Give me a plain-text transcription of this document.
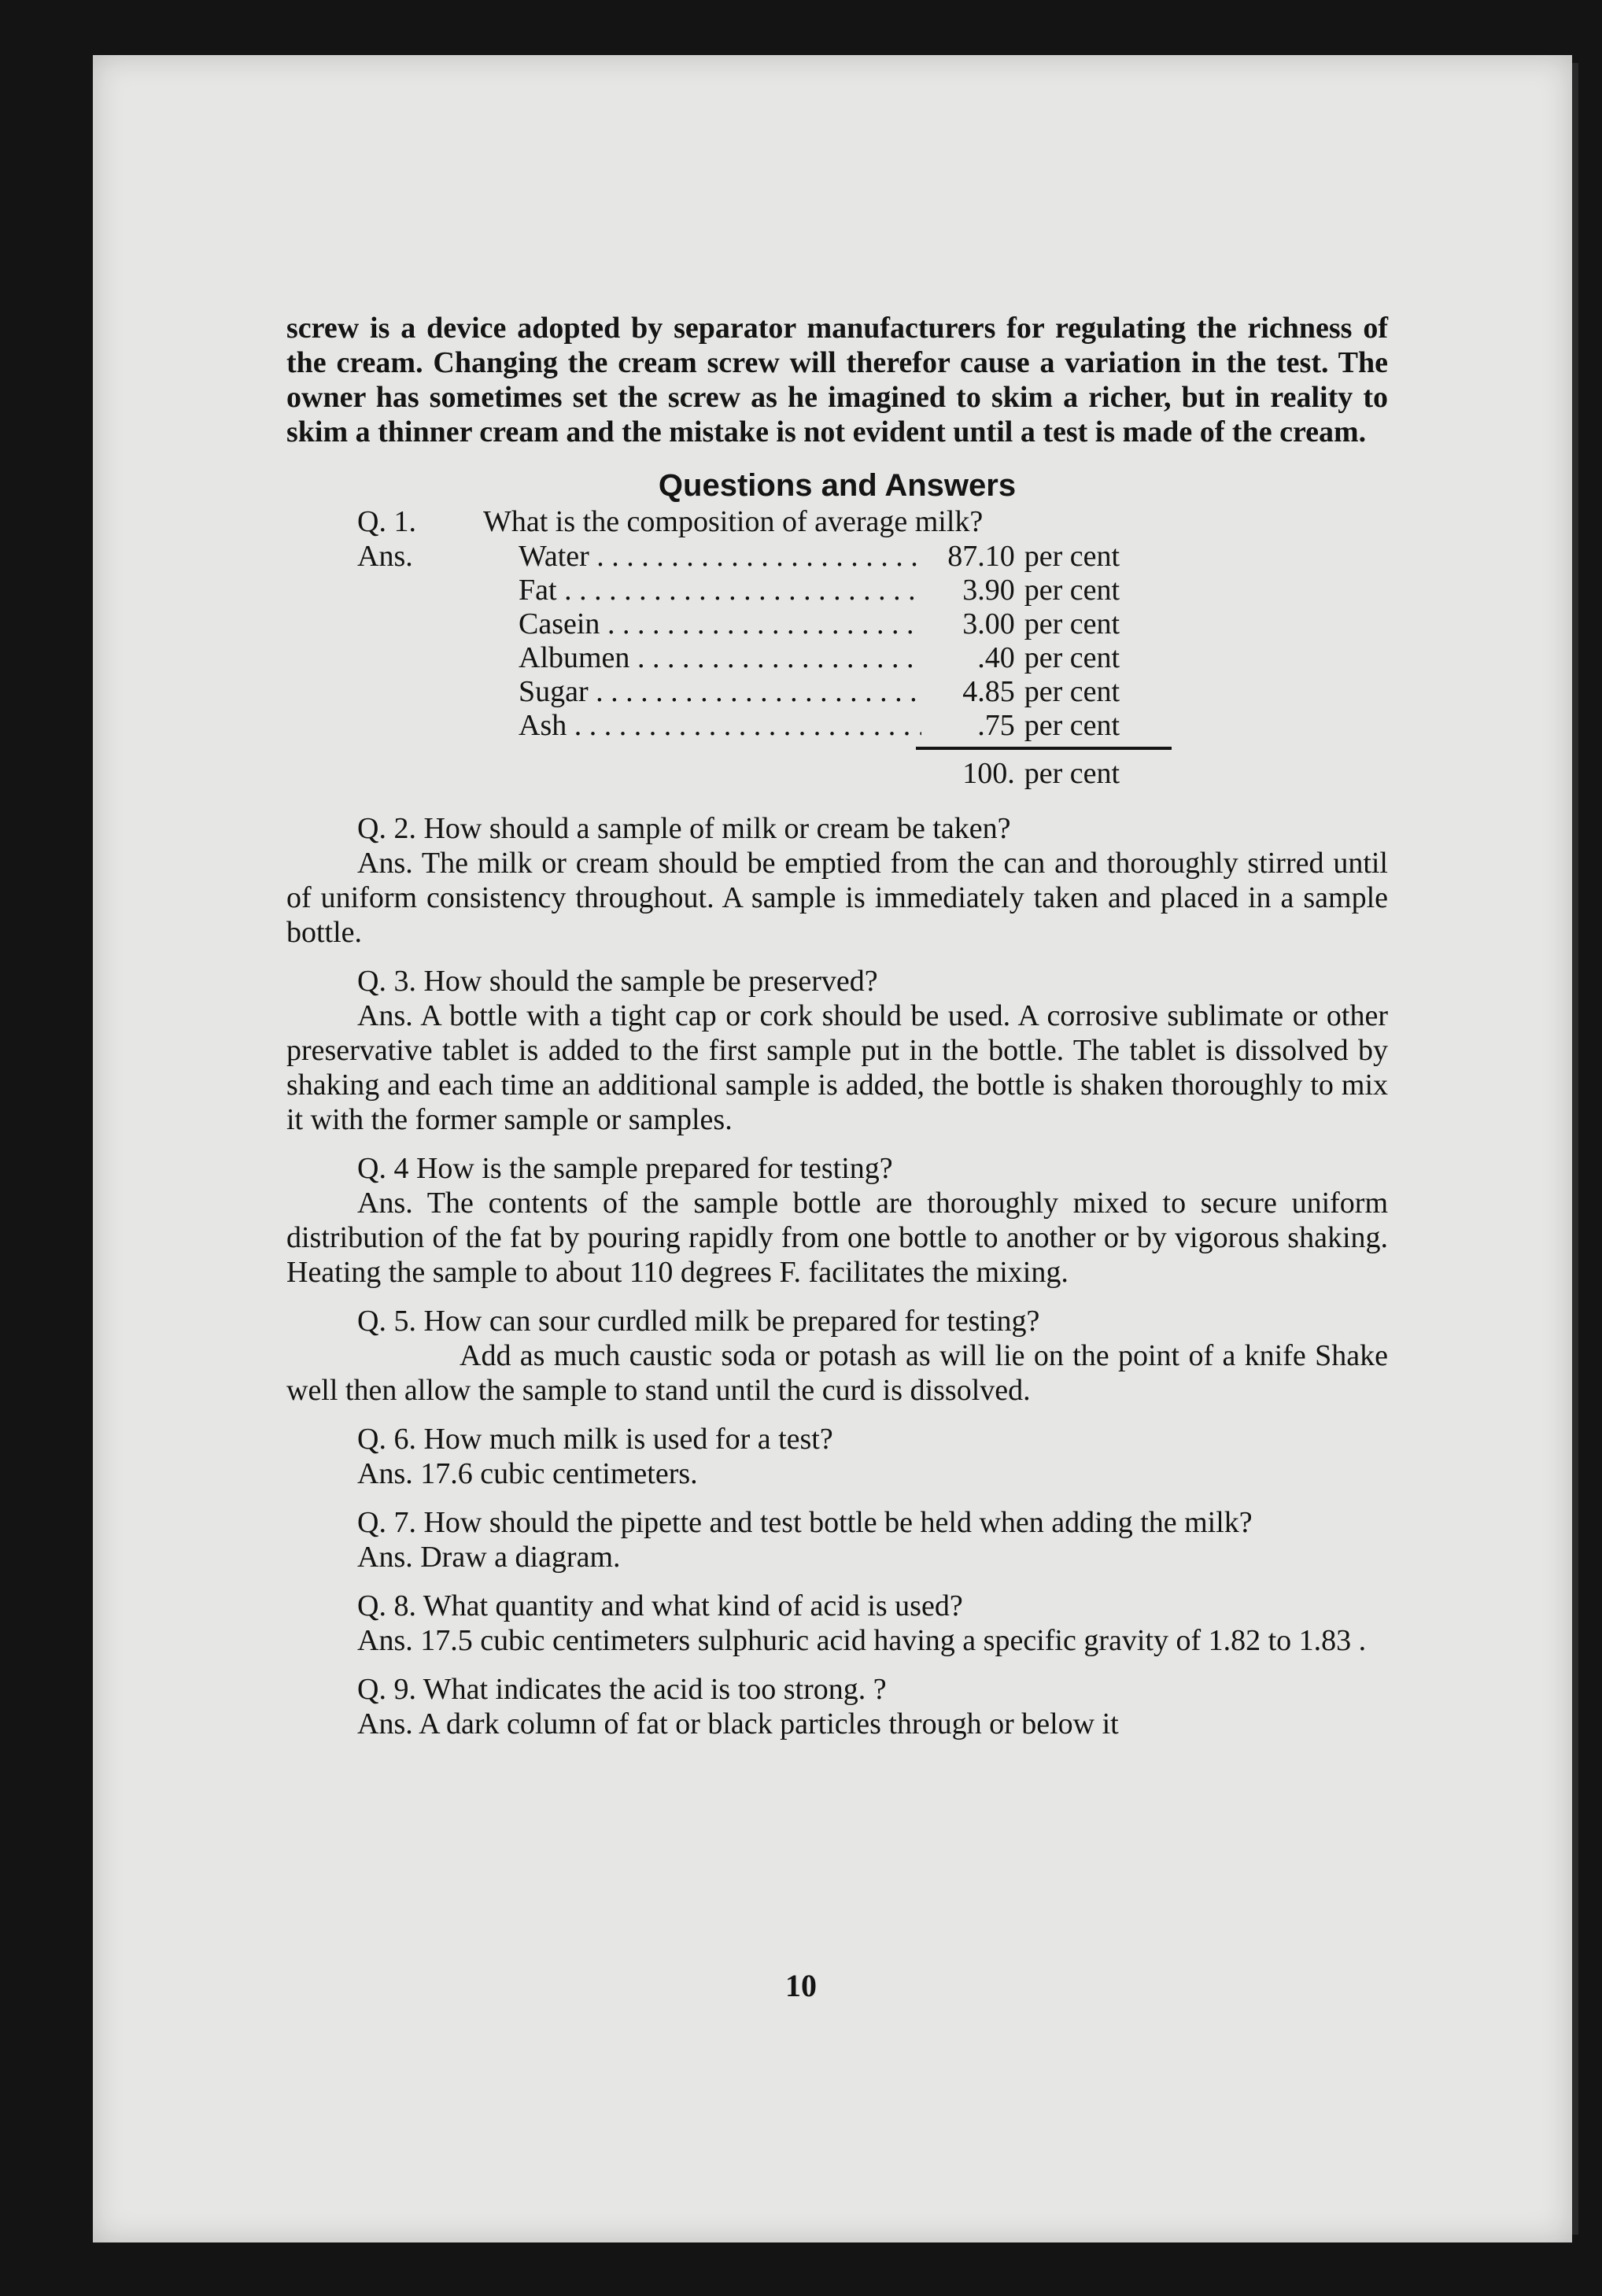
screw is a device adopted by separator manufacturers for regulating the richness of the cream. Changing the cream screw will therefor cause a variation in the test. The owner has sometimes set the screw as he imagined to skim a richer, but in reality to skim a thinner cream and the mistake is not evident until a test is made of the cream.

Questions and Answers

Q. 1. What is the composition of average milk?

Ans.	Water . . .	87.10 per cent
Fat . . .	3.90 per cent
Casein . . .	3.00 per cent
Albumen . . .	.40 per cent
Sugar . . .	4.85 per cent
Ash . . .	.75 per cent
100. per cent

Q. 2. How should a sample of milk or cream be taken?

Ans. The milk or cream should be emptied from the can and thoroughly stirred until of uniform consistency throughout. A sample is immediately taken and placed in a sample bottle.

Q. 3. How should the sample be preserved?

Ans. A bottle with a tight cap or cork should be used. A corrosive sublimate or other preservative tablet is added to the first sample put in the bottle. The tablet is dissolved by shaking and each time an additional sample is added, the bottle is shaken thoroughly to mix it with the former sample or samples.

Q. 4 How is the sample prepared for testing?

Ans. The contents of the sample bottle are thoroughly mixed to secure uniform distribution of the fat by pouring rapidly from one bottle to another or by vigorous shaking. Heating the sample to about 110 degrees F. facilitates the mixing.

Q. 5. How can sour curdled milk be prepared for testing?

Add as much caustic soda or potash as will lie on the point of a knife Shake well then allow the sample to stand until the curd is dissolved.

Q. 6. How much milk is used for a test?

Ans. 17.6 cubic centimeters.

Q. 7. How should the pipette and test bottle be held when adding the milk?

Ans. Draw a diagram.

Q. 8. What quantity and what kind of acid is used?

Ans. 17.5 cubic centimeters sulphuric acid having a specific gravity of 1.82 to 1.83 .

Q. 9. What indicates the acid is too strong. ?

Ans. A dark column of fat or black particles through or below it

10
